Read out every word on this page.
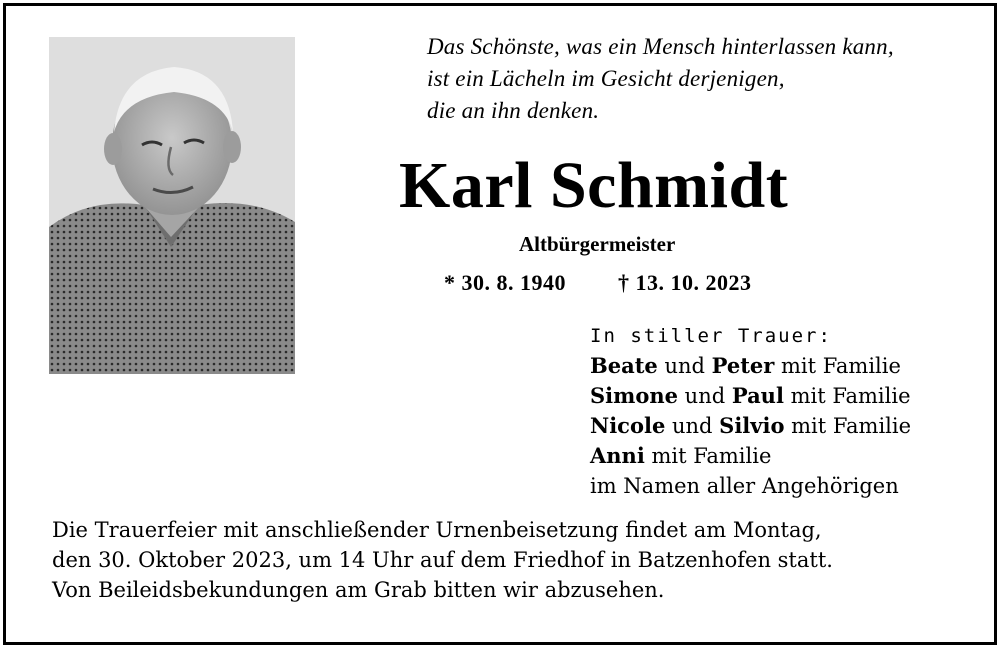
Das Schönste, was ein Mensch hinterlassen kann,
ist ein Lächeln im Gesicht derjenigen,
die an ihn denken.
Karl Schmidt
Altbürgermeister
* 30. 8. 1940 † 13. 10. 2023
In stiller Trauer:
Beate und Peter mit Familie
Simone und Paul mit Familie
Nicole und Silvio mit Familie
Anni mit Familie
im Namen aller Angehörigen
Die Trauerfeier mit anschließender Urnenbeisetzung findet am Montag,
den 30. Oktober 2023, um 14 Uhr auf dem Friedhof in Batzenhofen statt.
Von Beileidsbekundungen am Grab bitten wir abzusehen.
